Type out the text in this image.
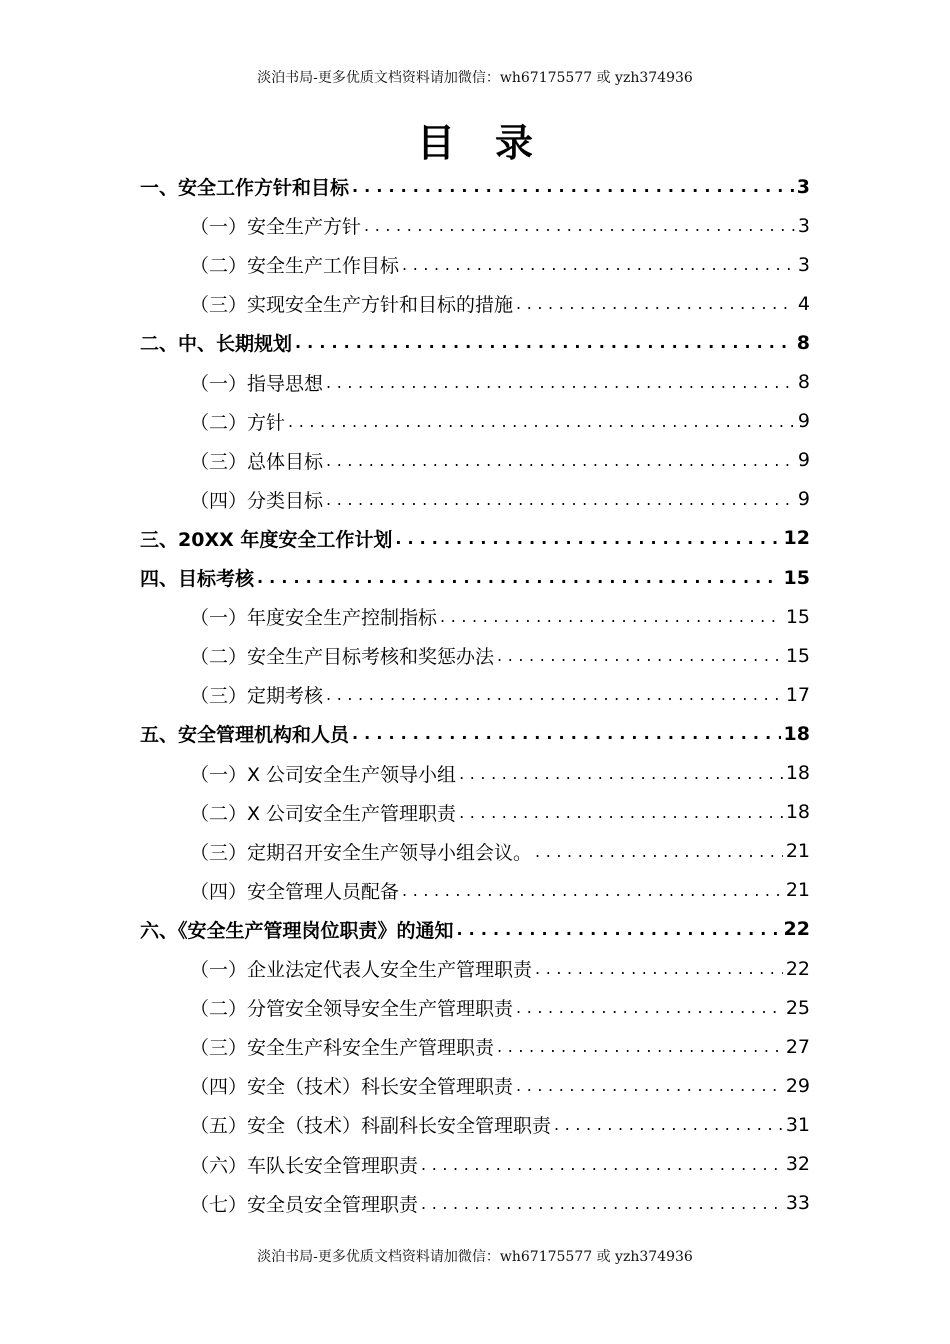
淡泊书局-更多优质文档资料请加微信：wh67175577 或 yzh374936
目录
一、安全工作方针和目标 . . .	3
（一）安全生产方针 . . .	3
（二）安全生产工作目标 . . .	3
（三）实现安全生产方针和目标的措施 . . .	4
二、中、长期规划 . . .	8
（一）指导思想 . . .	8
（二）方针 . . .	9
（三）总体目标 . . .	9
（四）分类目标 . . .	9
三、20XX 年度安全工作计划 . . .	12
四、目标考核 . . .	15
（一）年度安全生产控制指标 . . .	15
（二）安全生产目标考核和奖惩办法 . . .	15
（三）定期考核 . . .	17
五、安全管理机构和人员 . . .	18
（一）X 公司安全生产领导小组 . . .	18
（二）X 公司安全生产管理职责 . . .	18
（三）定期召开安全生产领导小组会议。 . . .	21
（四）安全管理人员配备 . . .	21
六、《安全生产管理岗位职责》的通知 . . .	22
（一）企业法定代表人安全生产管理职责 . . .	22
（二）分管安全领导安全生产管理职责 . . .	25
（三）安全生产科安全生产管理职责 . . .	27
（四）安全（技术）科长安全管理职责 . . .	29
（五）安全（技术）科副科长安全管理职责 . . .	31
（六）车队长安全管理职责 . . .	32
（七）安全员安全管理职责 . . .	33
淡泊书局-更多优质文档资料请加微信：wh67175577 或 yzh374936
